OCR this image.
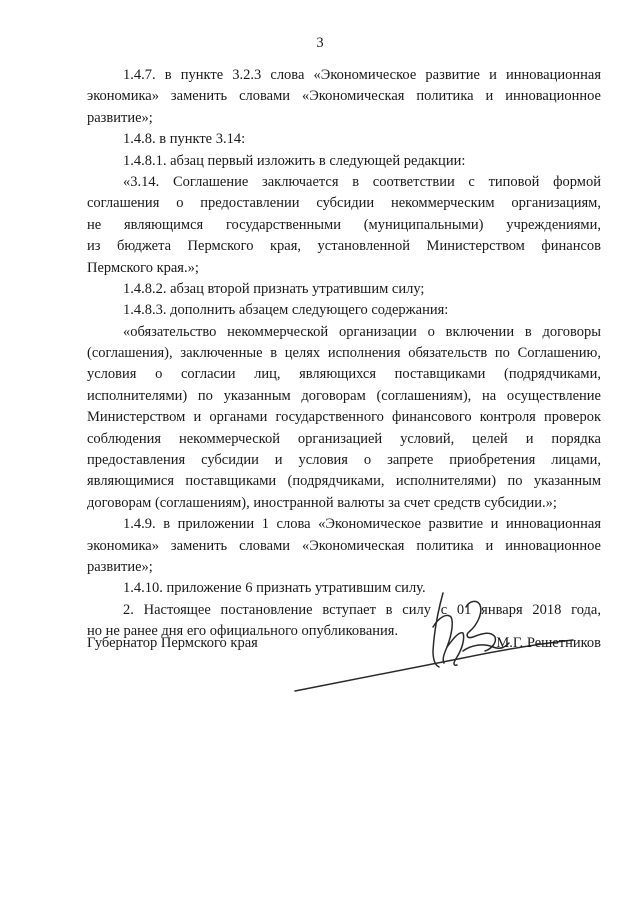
3

1.4.7. в пункте 3.2.3 слова «Экономическое развитие и инновационная
экономика» заменить словами «Экономическая политика и инновационное
развитие»;

1.4.8. в пункте 3.14:

1.4.8.1. абзац первый изложить в следующей редакции:

«3.14. Соглашение заключается в соответствии с типовой формой
соглашения о предоставлении субсидии некоммерческим организациям,
не являющимся государственными (муниципальными) учреждениями,
из бюджета Пермского края, установленной Министерством финансов
Пермского края.»;

1.4.8.2. абзац второй признать утратившим силу;

1.4.8.3. дополнить абзацем следующего содержания:

«обязательство некоммерческой организации о включении в договоры
(соглашения), заключенные в целях исполнения обязательств по Соглашению,
условия о согласии лиц, являющихся поставщиками (подрядчиками,
исполнителями) по указанным договорам (соглашениям), на осуществление
Министерством и органами государственного финансового контроля проверок
соблюдения некоммерческой организацией условий, целей и порядка
предоставления субсидии и условия о запрете приобретения лицами,
являющимися поставщиками (подрядчиками, исполнителями) по указанным
договорам (соглашениям), иностранной валюты за счет средств субсидии.»;

1.4.9. в приложении 1 слова «Экономическое развитие и инновационная
экономика» заменить словами «Экономическая политика и инновационное
развитие»;

1.4.10. приложение 6 признать утратившим силу.

2. Настоящее постановление вступает в силу с 01 января 2018 года,
но не ранее дня его официального опубликования.

Губернатор Пермского края	М.Г. Решетников
